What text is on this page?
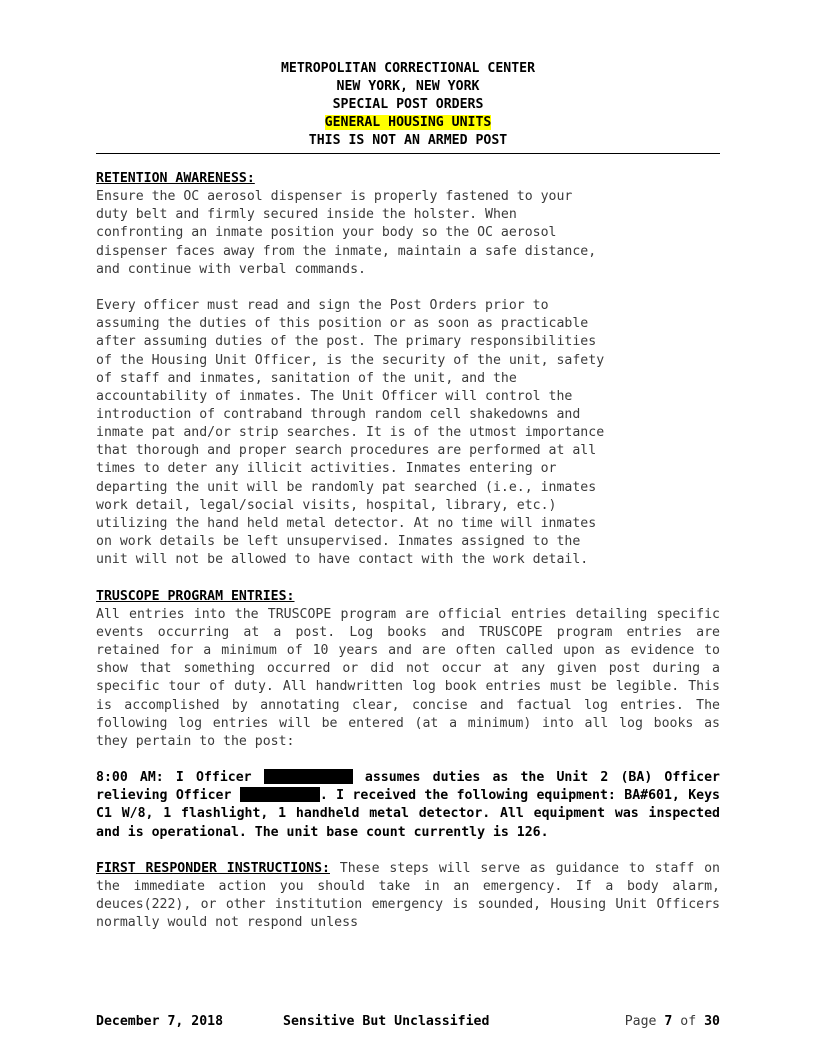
METROPOLITAN CORRECTIONAL CENTER
NEW YORK, NEW YORK
SPECIAL POST ORDERS
GENERAL HOUSING UNITS
THIS IS NOT AN ARMED POST
RETENTION AWARENESS:
Ensure the OC aerosol dispenser is properly fastened to your
duty belt and firmly secured inside the holster. When
confronting an inmate position your body so the OC aerosol
dispenser faces away from the inmate, maintain a safe distance,
and continue with verbal commands.
Every officer must read and sign the Post Orders prior to
assuming the duties of this position or as soon as practicable
after assuming duties of the post. The primary responsibilities
of the Housing Unit Officer, is the security of the unit, safety
of staff and inmates, sanitation of the unit, and the
accountability of inmates. The Unit Officer will control the
introduction of contraband through random cell shakedowns and
inmate pat and/or strip searches. It is of the utmost importance
that thorough and proper search procedures are performed at all
times to deter any illicit activities. Inmates entering or
departing the unit will be randomly pat searched (i.e., inmates
work detail, legal/social visits, hospital, library, etc.)
utilizing the hand held metal detector. At no time will inmates
on work details be left unsupervised. Inmates assigned to the
unit will not be allowed to have contact with the work detail.
TRUSCOPE PROGRAM ENTRIES:
All entries into the TRUSCOPE program are official entries detailing specific events occurring at a post. Log books and TRUSCOPE program entries are retained for a minimum of 10 years and are often called upon as evidence to show that something occurred or did not occur at any given post during a specific tour of duty. All handwritten log book entries must be legible. This is accomplished by annotating clear, concise and factual log entries. The following log entries will be entered (at a minimum) into all log books as they pertain to the post:
8:00 AM: I Officer	assumes duties as the Unit 2 (BA) Officer relieving Officer	. I received the following equipment: BA#601, Keys C1 W/8, 1 flashlight, 1 handheld metal detector. All equipment was inspected and is operational. The unit base count currently is 126.
FIRST RESPONDER INSTRUCTIONS: These steps will serve as guidance to staff on the immediate action you should take in an emergency. If a body alarm, deuces(222), or other institution emergency is sounded, Housing Unit Officers normally would not respond unless
December 7, 2018	Sensitive But Unclassified	Page 7 of 30
